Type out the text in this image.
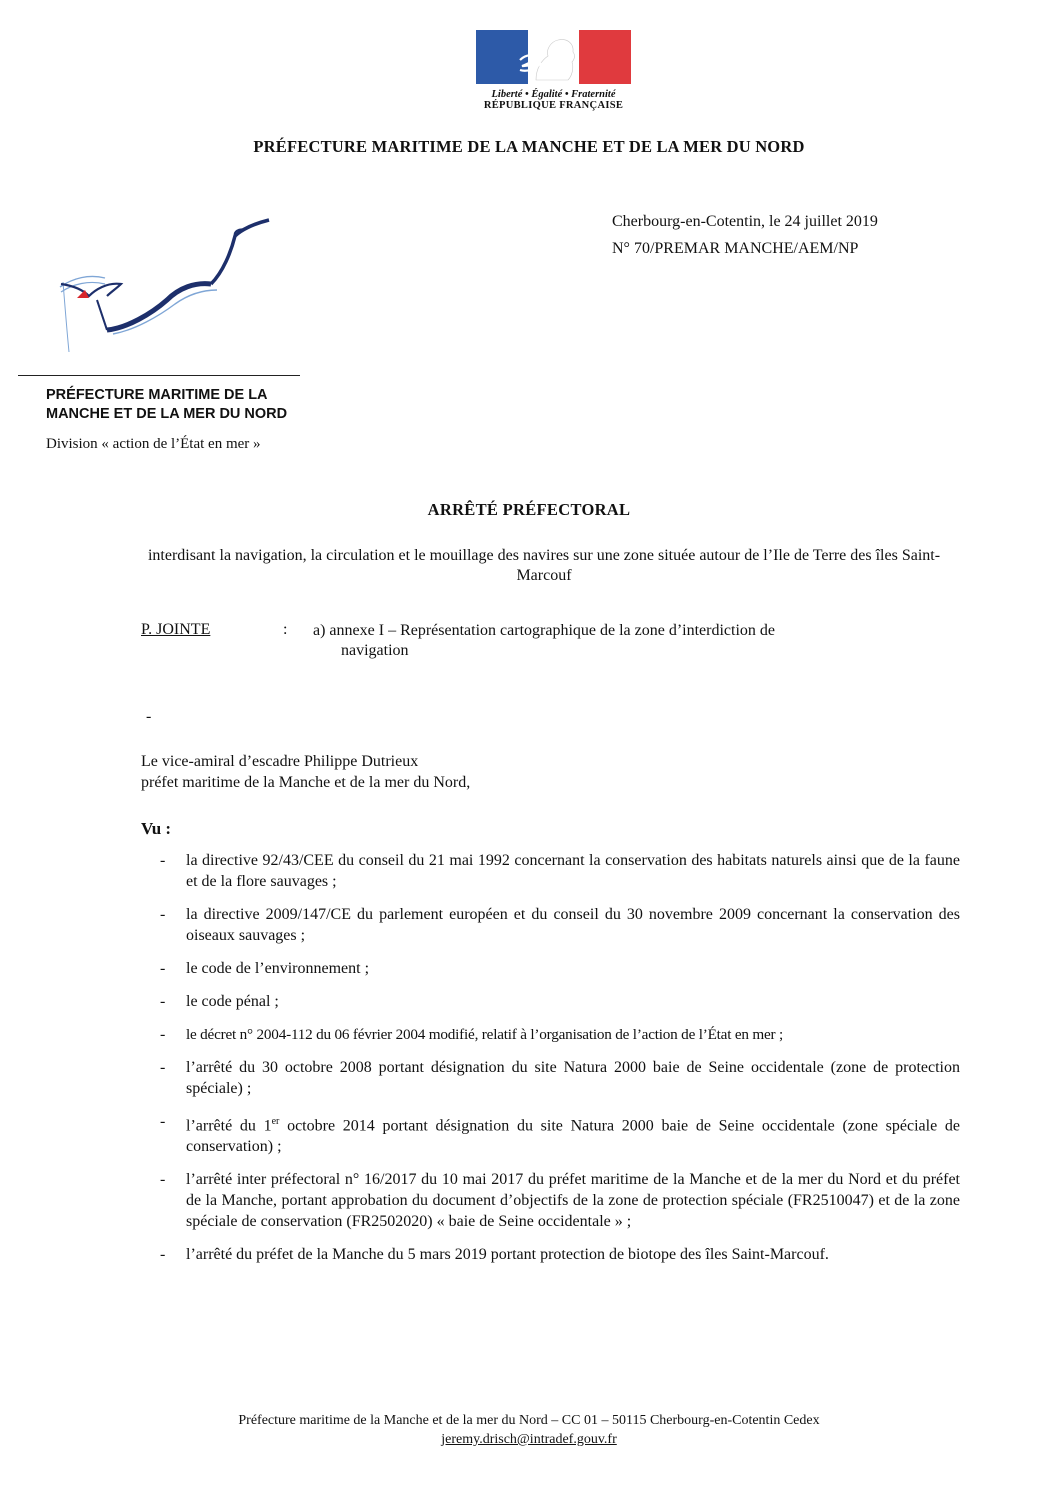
Liberté • Égalité • Fraternité
RÉPUBLIQUE FRANÇAISE
PRÉFECTURE MARITIME DE LA MANCHE ET DE LA MER DU NORD
Cherbourg-en-Cotentin, le 24 juillet 2019
N° 70/PREMAR MANCHE/AEM/NP
PRÉFECTURE MARITIME DE LA
MANCHE ET DE LA MER DU NORD
Division « action de l’État en mer »
ARRÊTÉ PRÉFECTORAL
interdisant la navigation, la circulation et le mouillage des navires sur une zone située autour de l’Ile de Terre des îles Saint-Marcouf
P. JOINTE	: a) annexe I – Représentation cartographique de la zone d’interdiction de
navigation
-
Le vice-amiral d’escadre Philippe Dutrieux
préfet maritime de la Manche et de la mer du Nord,
Vu :
- la directive 92/43/CEE du conseil du 21 mai 1992 concernant la conservation des habitats naturels ainsi que de la faune et de la flore sauvages ;
- la directive 2009/147/CE du parlement européen et du conseil du 30 novembre 2009 concernant la conservation des oiseaux sauvages ;
- le code de l’environnement ;
- le code pénal ;
- le décret n° 2004-112 du 06 février 2004 modifié, relatif à l’organisation de l’action de l’État en mer ;
- l’arrêté du 30 octobre 2008 portant désignation du site Natura 2000 baie de Seine occidentale (zone de protection spéciale) ;
- l’arrêté du 1er octobre 2014 portant désignation du site Natura 2000 baie de Seine occidentale (zone spéciale de conservation) ;
- l’arrêté inter préfectoral n° 16/2017 du 10 mai 2017 du préfet maritime de la Manche et de la mer du Nord et du préfet de la Manche, portant approbation du document d’objectifs de la zone de protection spéciale (FR2510047) et de la zone spéciale de conservation (FR2502020) « baie de Seine occidentale » ;
- l’arrêté du préfet de la Manche du 5 mars 2019 portant protection de biotope des îles Saint-Marcouf.
Préfecture maritime de la Manche et de la mer du Nord – CC 01 – 50115 Cherbourg-en-Cotentin Cedex
jeremy.drisch@intradef.gouv.fr
